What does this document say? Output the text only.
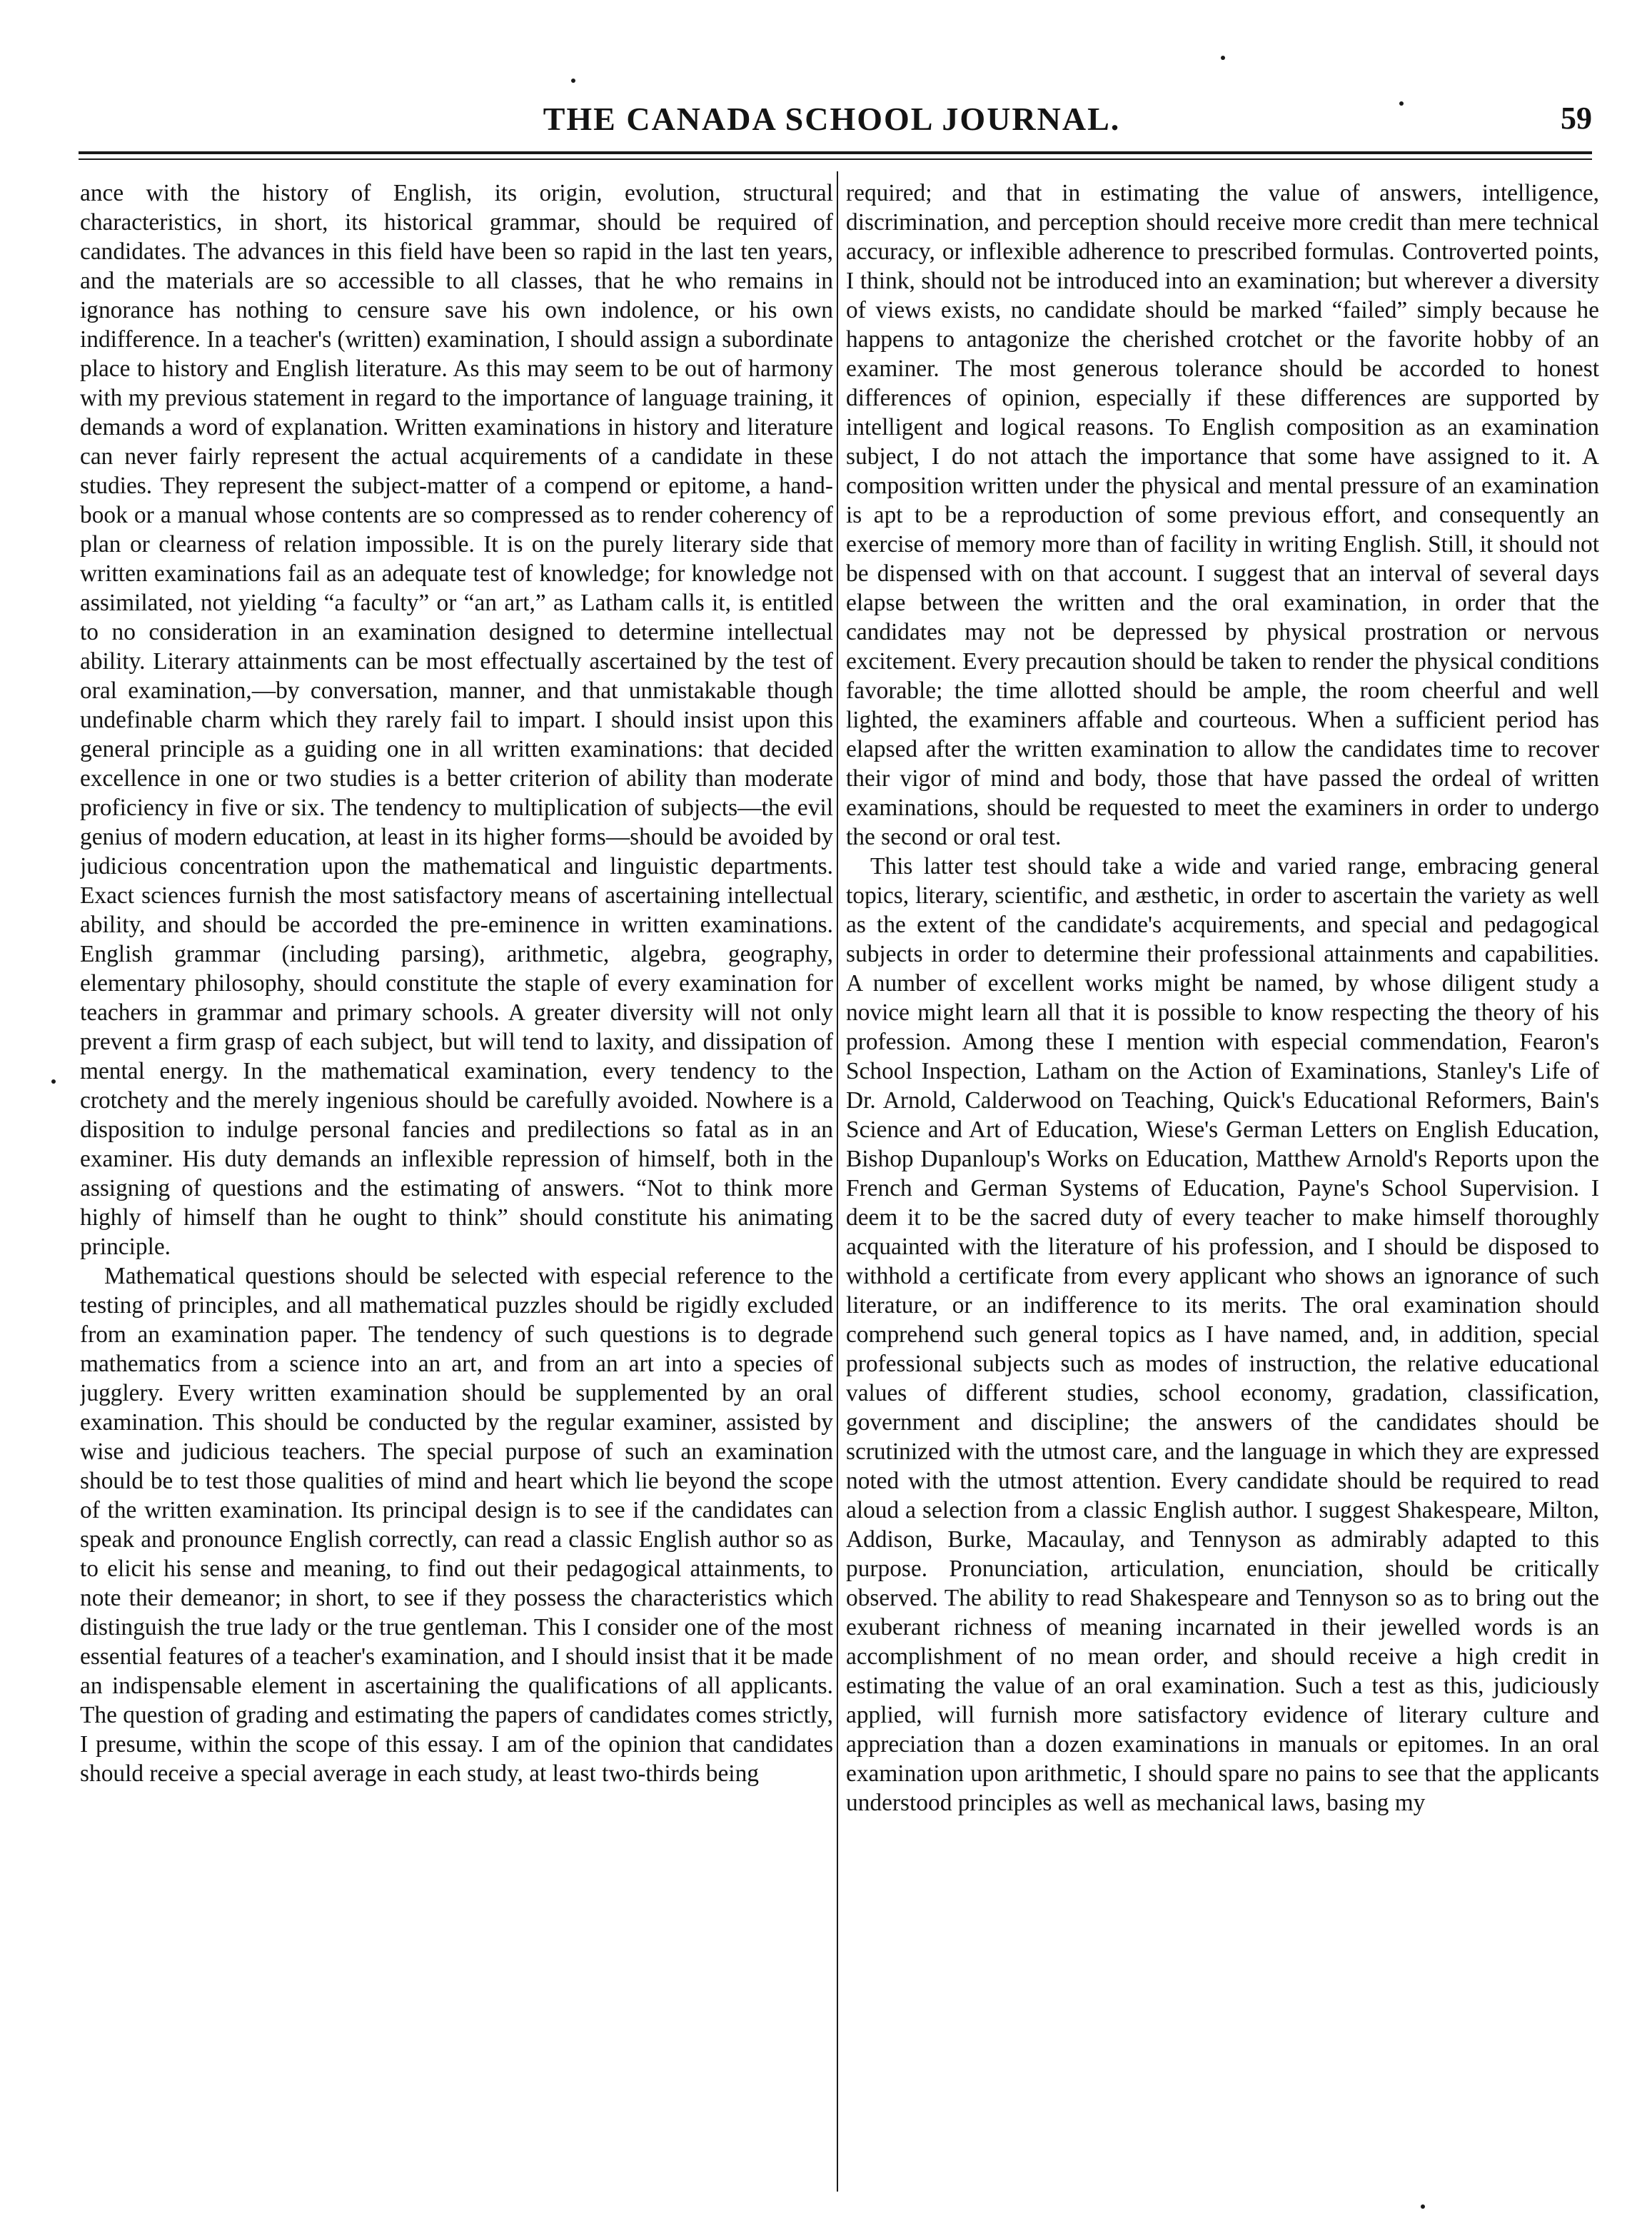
THE CANADA SCHOOL JOURNAL.	59

ance with the history of English, its origin, evolution, structural characteristics, in short, its historical grammar, should be required of candidates. The advances in this field have been so rapid in the last ten years, and the materials are so accessible to all classes, that he who remains in ignorance has nothing to censure save his own indolence, or his own indifference. In a teacher's (written) examination, I should assign a subordinate place to history and English literature. As this may seem to be out of harmony with my previous statement in regard to the importance of language training, it demands a word of explanation. Written examinations in history and literature can never fairly represent the actual acquirements of a candidate in these studies. They represent the subject-matter of a compend or epitome, a hand-book or a manual whose contents are so compressed as to render coherency of plan or clearness of relation impossible. It is on the purely literary side that written examinations fail as an adequate test of knowledge; for knowledge not assimilated, not yielding “a faculty” or “an art,” as Latham calls it, is entitled to no consideration in an examination designed to determine intellectual ability. Literary attainments can be most effectually ascertained by the test of oral examination,—by conversation, manner, and that unmistakable though undefinable charm which they rarely fail to impart. I should insist upon this general principle as a guiding one in all written examinations: that decided excellence in one or two studies is a better criterion of ability than moderate proficiency in five or six. The tendency to multiplication of subjects—the evil genius of modern education, at least in its higher forms—should be avoided by judicious concentration upon the mathematical and linguistic departments. Exact sciences furnish the most satisfactory means of ascertaining intellectual ability, and should be accorded the pre-eminence in written examinations. English grammar (including parsing), arithmetic, algebra, geography, elementary philosophy, should constitute the staple of every examination for teachers in grammar and primary schools. A greater diversity will not only prevent a firm grasp of each subject, but will tend to laxity, and dissipation of mental energy. In the mathematical examination, every tendency to the crotchety and the merely ingenious should be carefully avoided. Nowhere is a disposition to indulge personal fancies and predilections so fatal as in an examiner. His duty demands an inflexible repression of himself, both in the assigning of questions and the estimating of answers. “Not to think more highly of himself than he ought to think” should constitute his animating principle.

Mathematical questions should be selected with especial reference to the testing of principles, and all mathematical puzzles should be rigidly excluded from an examination paper. The tendency of such questions is to degrade mathematics from a science into an art, and from an art into a species of jugglery. Every written examination should be supplemented by an oral examination. This should be conducted by the regular examiner, assisted by wise and judicious teachers. The special purpose of such an examination should be to test those qualities of mind and heart which lie beyond the scope of the written examination. Its principal design is to see if the candidates can speak and pronounce English correctly, can read a classic English author so as to elicit his sense and meaning, to find out their pedagogical attainments, to note their demeanor; in short, to see if they possess the characteristics which distinguish the true lady or the true gentleman. This I consider one of the most essential features of a teacher's examination, and I should insist that it be made an indispensable element in ascertaining the qualifications of all applicants. The question of grading and estimating the papers of candidates comes strictly, I presume, within the scope of this essay. I am of the opinion that candidates should receive a special average in each study, at least two-thirds being

required; and that in estimating the value of answers, intelligence, discrimination, and perception should receive more credit than mere technical accuracy, or inflexible adherence to prescribed formulas. Controverted points, I think, should not be introduced into an examination; but wherever a diversity of views exists, no candidate should be marked “failed” simply because he happens to antagonize the cherished crotchet or the favorite hobby of an examiner. The most generous tolerance should be accorded to honest differences of opinion, especially if these differences are supported by intelligent and logical reasons. To English composition as an examination subject, I do not attach the importance that some have assigned to it. A composition written under the physical and mental pressure of an examination is apt to be a reproduction of some previous effort, and consequently an exercise of memory more than of facility in writing English. Still, it should not be dispensed with on that account. I suggest that an interval of several days elapse between the written and the oral examination, in order that the candidates may not be depressed by physical prostration or nervous excitement. Every precaution should be taken to render the physical conditions favorable; the time allotted should be ample, the room cheerful and well lighted, the examiners affable and courteous. When a sufficient period has elapsed after the written examination to allow the candidates time to recover their vigor of mind and body, those that have passed the ordeal of written examinations, should be requested to meet the examiners in order to undergo the second or oral test.

This latter test should take a wide and varied range, embracing general topics, literary, scientific, and æsthetic, in order to ascertain the variety as well as the extent of the candidate's acquirements, and special and pedagogical subjects in order to determine their professional attainments and capabilities. A number of excellent works might be named, by whose diligent study a novice might learn all that it is possible to know respecting the theory of his profession. Among these I mention with especial commendation, Fearon's School Inspection, Latham on the Action of Examinations, Stanley's Life of Dr. Arnold, Calderwood on Teaching, Quick's Educational Reformers, Bain's Science and Art of Education, Wiese's German Letters on English Education, Bishop Dupanloup's Works on Education, Matthew Arnold's Reports upon the French and German Systems of Education, Payne's School Supervision. I deem it to be the sacred duty of every teacher to make himself thoroughly acquainted with the literature of his profession, and I should be disposed to withhold a certificate from every applicant who shows an ignorance of such literature, or an indifference to its merits. The oral examination should comprehend such general topics as I have named, and, in addition, special professional subjects such as modes of instruction, the relative educational values of different studies, school economy, gradation, classification, government and discipline; the answers of the candidates should be scrutinized with the utmost care, and the language in which they are expressed noted with the utmost attention. Every candidate should be required to read aloud a selection from a classic English author. I suggest Shakespeare, Milton, Addison, Burke, Macaulay, and Tennyson as admirably adapted to this purpose. Pronunciation, articulation, enunciation, should be critically observed. The ability to read Shakespeare and Tennyson so as to bring out the exuberant richness of meaning incarnated in their jewelled words is an accomplishment of no mean order, and should receive a high credit in estimating the value of an oral examination. Such a test as this, judiciously applied, will furnish more satisfactory evidence of literary culture and appreciation than a dozen examinations in manuals or epitomes. In an oral examination upon arithmetic, I should spare no pains to see that the applicants understood principles as well as mechanical laws, basing my
